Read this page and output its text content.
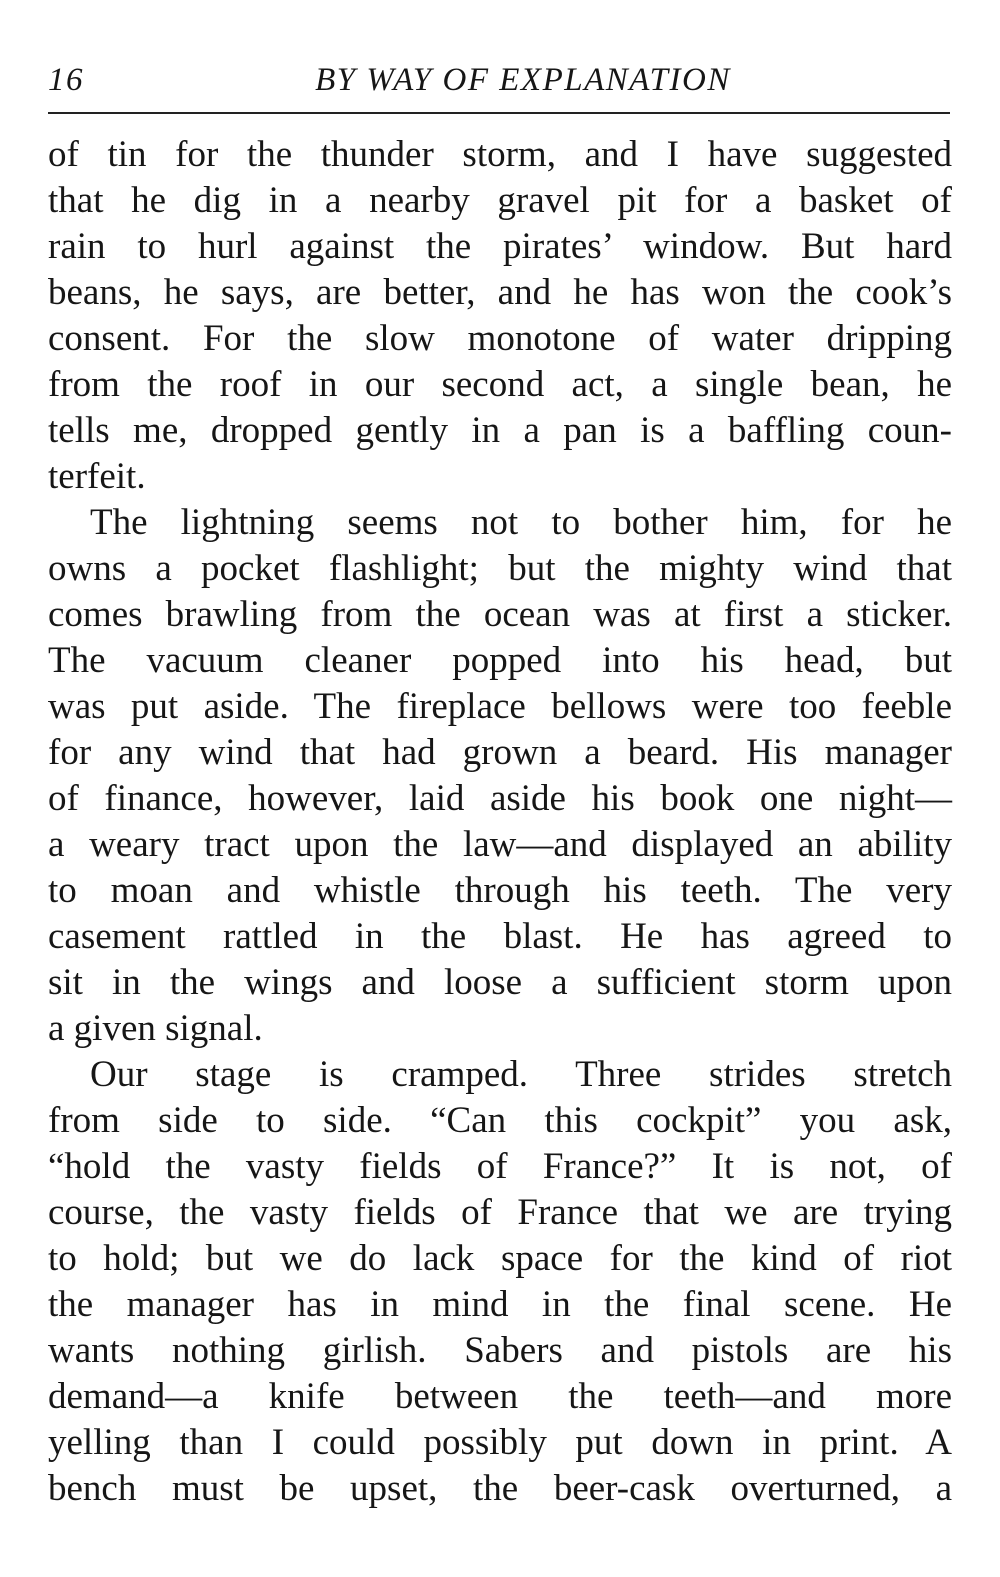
16	BY WAY OF EXPLANATION
of tin for the thunder storm, and I have suggested
that he dig in a nearby gravel pit for a basket of
rain to hurl against the pirates’ window. But hard
beans, he says, are better, and he has won the cook’s
consent. For the slow monotone of water dripping
from the roof in our second act, a single bean, he
tells me, dropped gently in a pan is a baffling coun-
terfeit.
The lightning seems not to bother him, for he
owns a pocket flashlight; but the mighty wind that
comes brawling from the ocean was at first a sticker.
The vacuum cleaner popped into his head, but
was put aside. The fireplace bellows were too feeble
for any wind that had grown a beard. His manager
of finance, however, laid aside his book one night—
a weary tract upon the law—and displayed an ability
to moan and whistle through his teeth. The very
casement rattled in the blast. He has agreed to
sit in the wings and loose a sufficient storm upon
a given signal.
Our stage is cramped. Three strides stretch
from side to side. “Can this cockpit” you ask,
“hold the vasty fields of France?” It is not, of
course, the vasty fields of France that we are trying
to hold; but we do lack space for the kind of riot
the manager has in mind in the final scene. He
wants nothing girlish. Sabers and pistols are his
demand—a knife between the teeth—and more
yelling than I could possibly put down in print. A
bench must be upset, the beer-cask overturned, a
